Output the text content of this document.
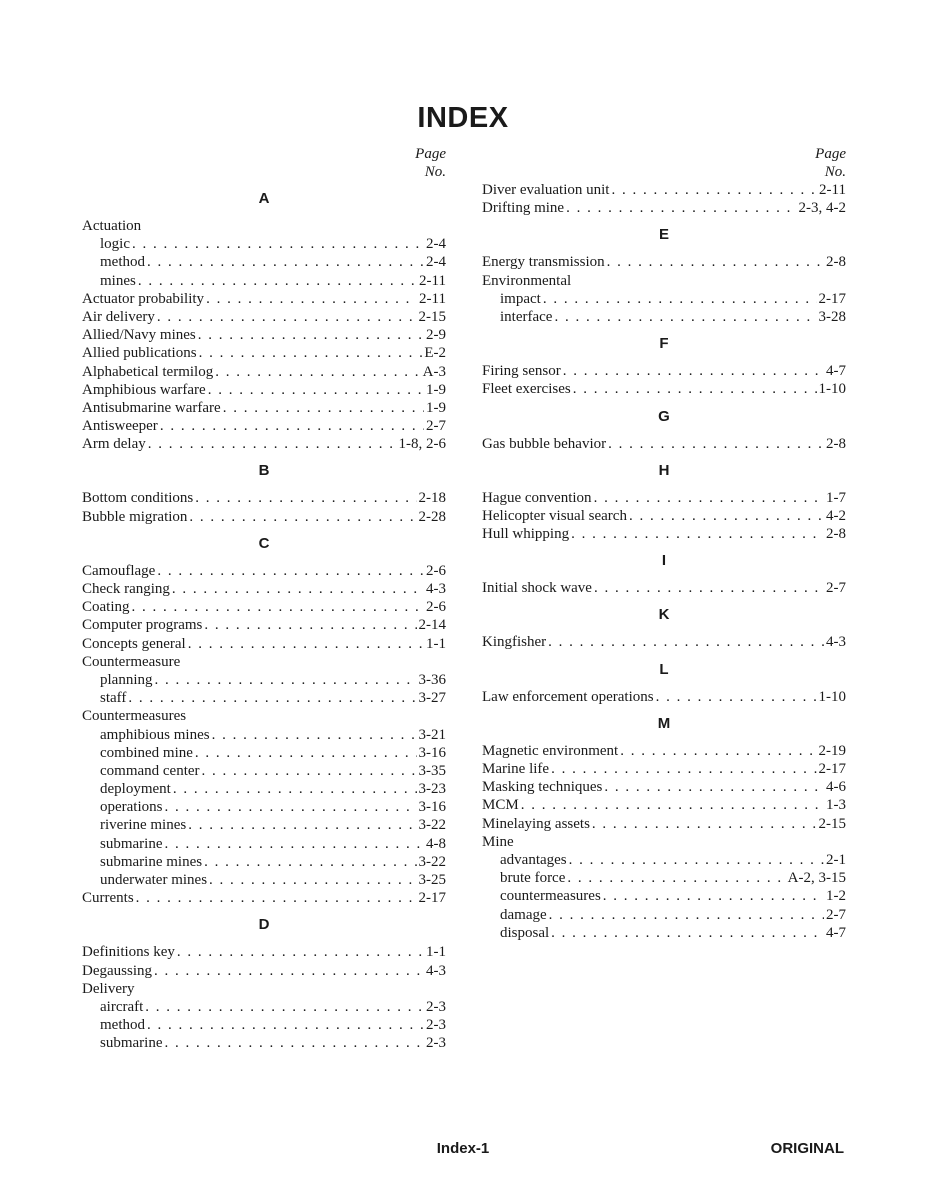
INDEX
Page
No.
A
Actuation
logic . . .	2-4
method . . .	2-4
mines . . .	2-11
Actuator probability . . .	2-11
Air delivery . . .	2-15
Allied/Navy mines . . .	2-9
Allied publications . . .	E-2
Alphabetical termilog . . .	A-3
Amphibious warfare . . .	1-9
Antisubmarine warfare . . .	1-9
Antisweeper . . .	2-7
Arm delay . . .	1-8, 2-6
B
Bottom conditions . . .	2-18
Bubble migration . . .	2-28
C
Camouflage . . .	2-6
Check ranging . . .	4-3
Coating . . .	2-6
Computer programs . . .	2-14
Concepts general . . .	1-1
Countermeasure
planning . . .	3-36
staff . . .	3-27
Countermeasures
amphibious mines . . .	3-21
combined mine . . .	3-16
command center . . .	3-35
deployment . . .	3-23
operations . . .	3-16
riverine mines . . .	3-22
submarine . . .	4-8
submarine mines . . .	3-22
underwater mines . . .	3-25
Currents . . .	2-17
D
Definitions key . . .	1-1
Degaussing . . .	4-3
Delivery
aircraft . . .	2-3
method . . .	2-3
submarine . . .	2-3
Page
No.
Diver evaluation unit . . .	2-11
Drifting mine . . .	2-3, 4-2
E
Energy transmission . . .	2-8
Environmental
impact . . .	2-17
interface . . .	3-28
F
Firing sensor . . .	4-7
Fleet exercises . . .	1-10
G
Gas bubble behavior . . .	2-8
H
Hague convention . . .	1-7
Helicopter visual search . . .	4-2
Hull whipping . . .	2-8
I
Initial shock wave . . .	2-7
K
Kingfisher . . .	4-3
L
Law enforcement operations . . .	1-10
M
Magnetic environment . . .	2-19
Marine life . . .	2-17
Masking techniques . . .	4-6
MCM . . .	1-3
Minelaying assets . . .	2-15
Mine
advantages . . .	2-1
brute force . . .	A-2, 3-15
countermeasures . . .	1-2
damage . . .	2-7
disposal . . .	4-7
Index-1	ORIGINAL
